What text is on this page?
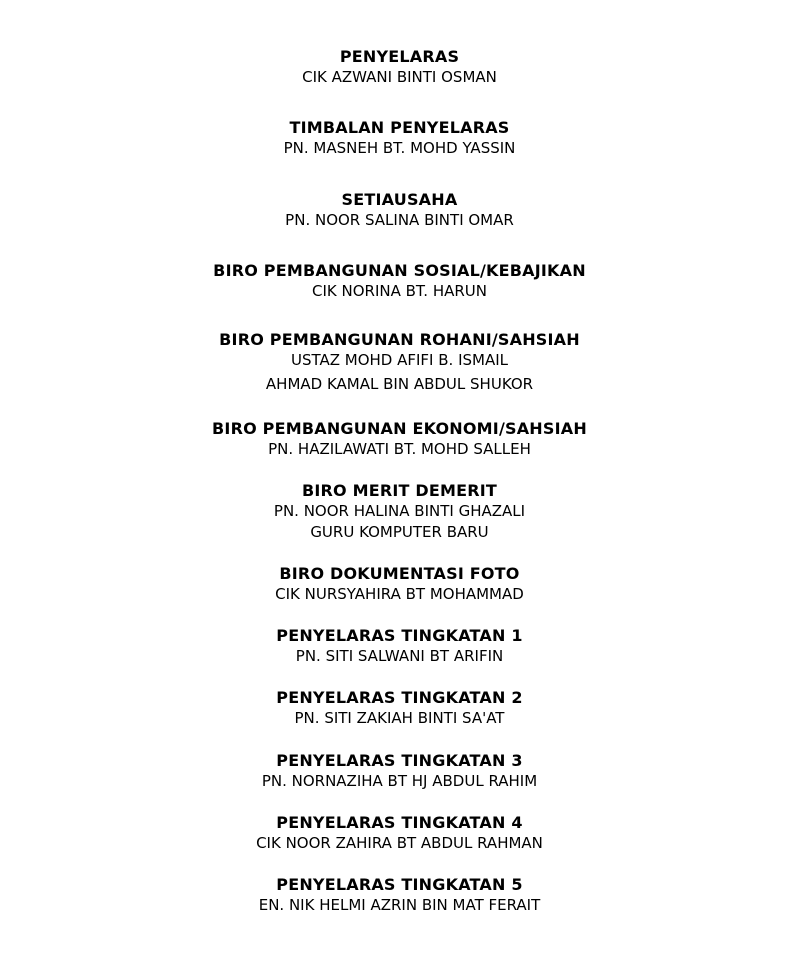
PENYELARAS
CIK AZWANI BINTI OSMAN
TIMBALAN PENYELARAS
PN. MASNEH BT. MOHD YASSIN
SETIAUSAHA
PN. NOOR SALINA BINTI OMAR
BIRO PEMBANGUNAN SOSIAL/KEBAJIKAN
CIK NORINA BT. HARUN
BIRO PEMBANGUNAN ROHANI/SAHSIAH
USTAZ MOHD AFIFI B. ISMAIL
AHMAD KAMAL BIN ABDUL SHUKOR
BIRO PEMBANGUNAN EKONOMI/SAHSIAH
PN. HAZILAWATI BT. MOHD SALLEH
BIRO MERIT DEMERIT
PN. NOOR HALINA BINTI GHAZALI
GURU KOMPUTER BARU
BIRO DOKUMENTASI FOTO
CIK NURSYAHIRA BT MOHAMMAD
PENYELARAS TINGKATAN 1
PN. SITI SALWANI BT ARIFIN
PENYELARAS TINGKATAN 2
PN. SITI ZAKIAH BINTI SA'AT
PENYELARAS TINGKATAN 3
PN. NORNAZIHA BT HJ ABDUL RAHIM
PENYELARAS TINGKATAN 4
CIK NOOR ZAHIRA BT ABDUL RAHMAN
PENYELARAS TINGKATAN 5
EN. NIK HELMI AZRIN BIN MAT FERAIT
